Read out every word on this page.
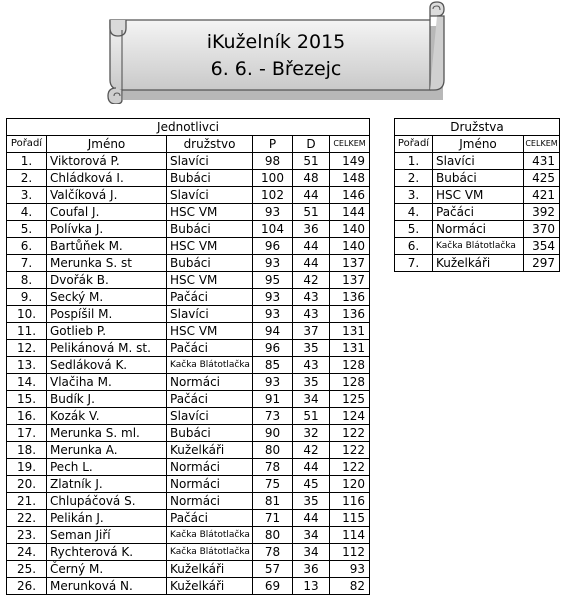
iKuželník 2015
6. 6. - Březejc
Jednotlivci					
Pořadí	Jméno	družstvo	P	D	CELKEM
1.	Viktorová P.	Slavíci	98	51	149
2.	Chládková I.	Bubáci	100	48	148
3.	Valčíková J.	Slavíci	102	44	146
4.	Coufal J.	HSC VM	93	51	144
5.	Polívka J.	Bubáci	104	36	140
6.	Bartůňek M.	HSC VM	96	44	140
7.	Merunka S. st	Bubáci	93	44	137
8.	Dvořák B.	HSC VM	95	42	137
9.	Secký M.	Pačáci	93	43	136
10.	Pospíšil M.	Slavíci	93	43	136
11.	Gotlieb P.	HSC VM	94	37	131
12.	Pelikánová M. st.	Pačáci	96	35	131
13.	Sedláková K.	Kačka Blátotlačka	85	43	128
14.	Vlačiha M.	Normáci	93	35	128
15.	Budík J.	Pačáci	91	34	125
16.	Kozák V.	Slavíci	73	51	124
17.	Merunka S. ml.	Bubáci	90	32	122
18.	Merunka A.	Kuželkáři	80	42	122
19.	Pech L.	Normáci	78	44	122
20.	Zlatník J.	Normáci	75	45	120
21.	Chlupáčová S.	Normáci	81	35	116
22.	Pelikán J.	Pačáci	71	44	115
23.	Seman Jiří	Kačka Blátotlačka	80	34	114
24.	Rychterová K.	Kačka Blátotlačka	78	34	112
25.	Černý M.	Kuželkáři	57	36	93
26.	Merunková N.	Kuželkáři	69	13	82
Družstva		
Pořadí	Jméno	CELKEM
1.	Slavíci	431
2.	Bubáci	425
3.	HSC VM	421
4.	Pačáci	392
5.	Normáci	370
6.	Kačka Blátotlačka	354
7.	Kuželkáři	297
